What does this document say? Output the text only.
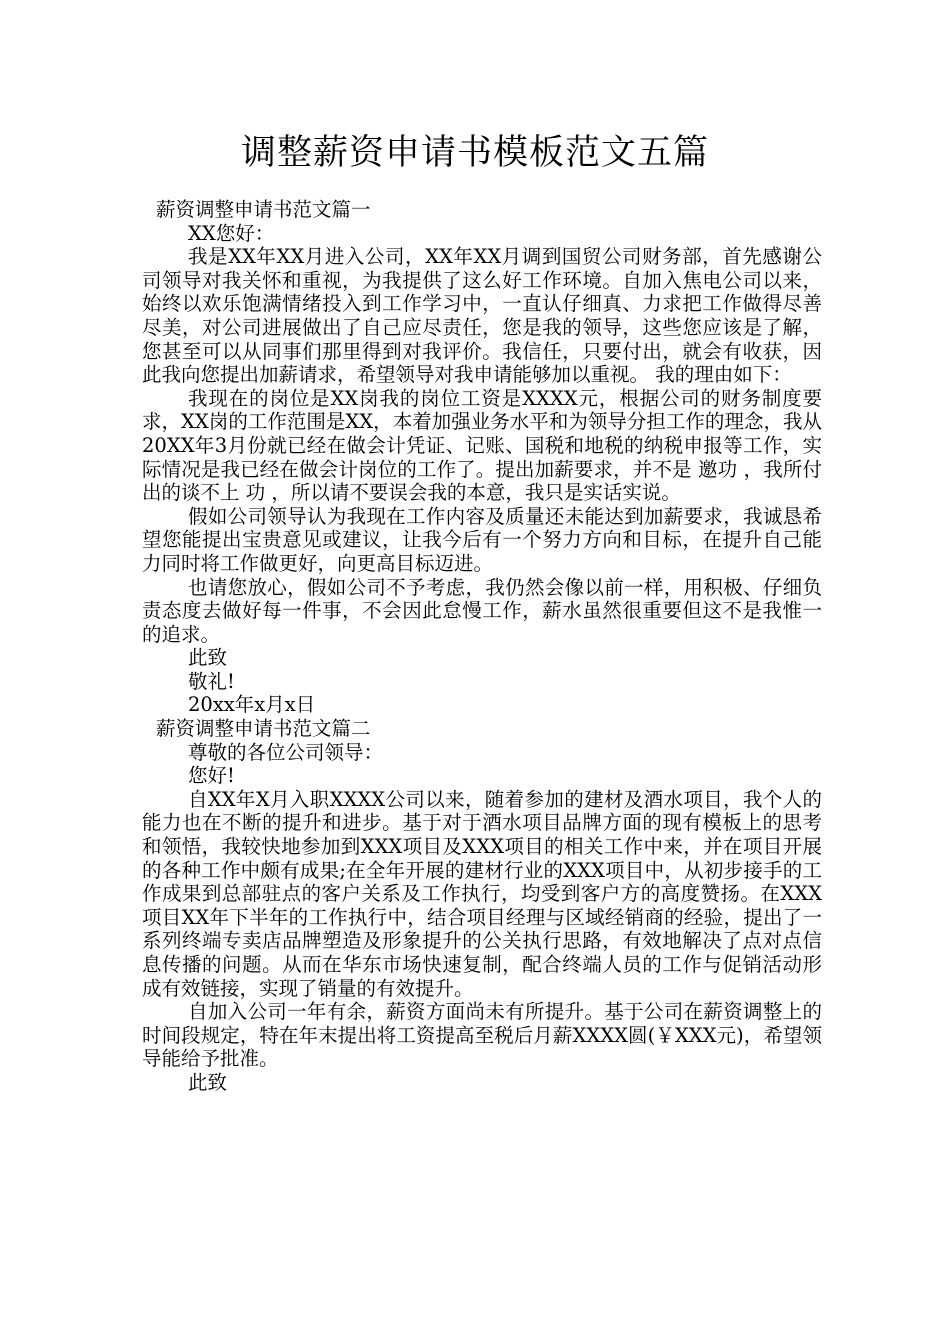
调整薪资申请书模板范文五篇

薪资调整申请书范文篇一

XX您好：

我是XX年XX月进入公司，XX年XX月调到国贸公司财务部，首先感谢公司领导对我关怀和重视，为我提供了这么好工作环境。自加入焦电公司以来，始终以欢乐饱满情绪投入到工作学习中，一直认仔细真、力求把工作做得尽善尽美，对公司进展做出了自己应尽责任，您是我的领导，这些您应该是了解，您甚至可以从同事们那里得到对我评价。我信任，只要付出，就会有收获，因此我向您提出加薪请求，希望领导对我申请能够加以重视。 我的理由如下：

我现在的岗位是XX岗我的岗位工资是XXXX元，根据公司的财务制度要求，XX岗的工作范围是XX，本着加强业务水平和为领导分担工作的理念，我从20XX年3月份就已经在做会计凭证、记账、国税和地税的纳税申报等工作，实际情况是我已经在做会计岗位的工作了。提出加薪要求，并不是 邀功 ，我所付出的谈不上 功 ，所以请不要误会我的本意，我只是实话实说。

假如公司领导认为我现在工作内容及质量还未能达到加薪要求，我诚恳希望您能提出宝贵意见或建议，让我今后有一个努力方向和目标，在提升自己能力同时将工作做更好，向更高目标迈进。

也请您放心，假如公司不予考虑，我仍然会像以前一样，用积极、仔细负责态度去做好每一件事，不会因此怠慢工作，薪水虽然很重要但这不是我惟一的追求。

此致

敬礼!

20xx年x月x日

薪资调整申请书范文篇二

尊敬的各位公司领导：

您好!

自XX年X月入职XXXX公司以来，随着参加的建材及酒水项目，我个人的能力也在不断的提升和进步。基于对于酒水项目品牌方面的现有模板上的思考和领悟，我较快地参加到XXX项目及XXX项目的相关工作中来，并在项目开展的各种工作中颇有成果;在全年开展的建材行业的XXX项目中，从初步接手的工作成果到总部驻点的客户关系及工作执行，均受到客户方的高度赞扬。在XXX项目XX年下半年的工作执行中，结合项目经理与区域经销商的经验，提出了一系列终端专卖店品牌塑造及形象提升的公关执行思路，有效地解决了点对点信息传播的问题。从而在华东市场快速复制，配合终端人员的工作与促销活动形成有效链接，实现了销量的有效提升。

自加入公司一年有余，薪资方面尚未有所提升。基于公司在薪资调整上的时间段规定，特在年末提出将工资提高至税后月薪XXXX圆(￥XXX元)，希望领导能给予批准。

此致
